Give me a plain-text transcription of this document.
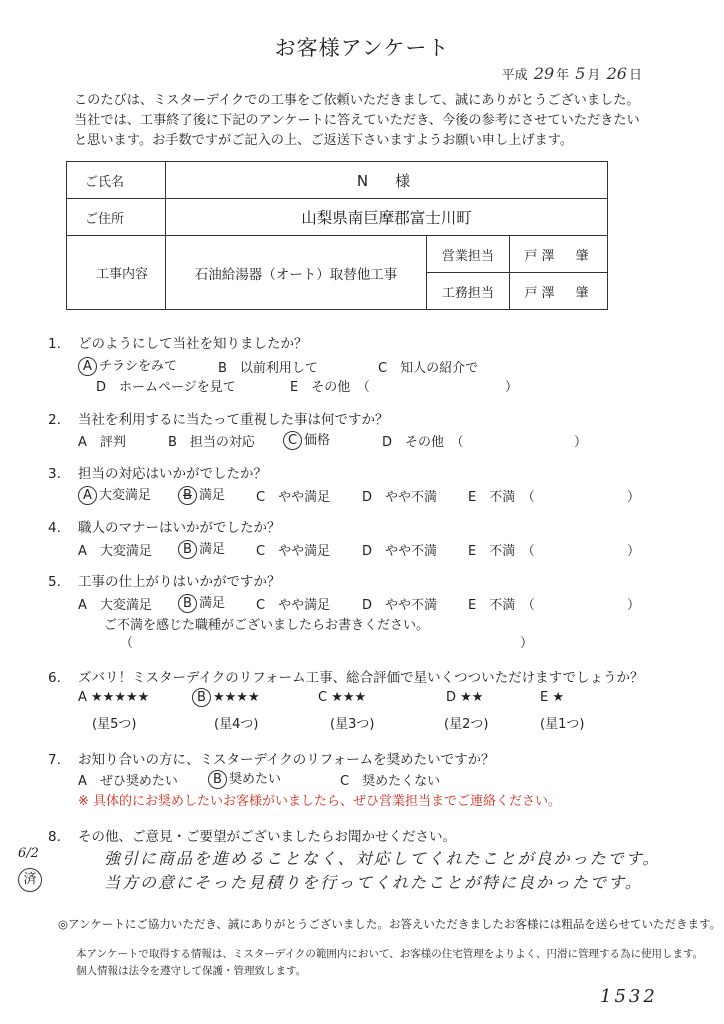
お客様アンケート
平成 29 年 5 月 26 日
このたびは、ミスターデイクでの工事をご依頼いただきまして、誠にありがとうございました。
当社では、工事終了後に下記のアンケートに答えていただき、今後の参考にさせていただきたい
と思います。お手数ですがご記入の上、ご返送下さいますようお願い申し上げます。
ご氏名	N　様		
ご住所	山梨県南巨摩郡富士川町		
工事内容	石油給湯器（オート）取替他工事	営業担当	戸澤　肇
		工務担当	戸澤　肇
1. どのようにして当社を知りましたか？
A チラシをみて	B　以前利用して	C　知人の紹介で
D　ホームページを見て	E　その他　（	）
2. 当社を利用するに当たって重視した事は何ですか？
A　評判	B　担当の対応	C 価格	D　その他　（	）
3. 担当の対応はいかがでしたか？
A 大変満足	B 満足 C　やや満足 D　やや不満 E　不満　（	）
4. 職人のマナーはいかがでしたか？
A　大変満足	B 満足 C　やや満足 D　やや不満 E　不満　（	）
5. 工事の仕上がりはいかがですか？
A　大変満足	B 満足 C　やや満足 D　やや不満 E　不満　（	）
ご不満を感じた職種がございましたらお書きください。
（	）
6. ズバリ！ミスターデイクのリフォーム工事、総合評価で星いくつついただけますでしょうか？
A ★★★★★	B ★★★★	C ★★★	D ★★	E ★
(星5つ)	(星4つ)	(星3つ)	(星2つ)	(星1つ)
7. お知り合いの方に、ミスターデイクのリフォームを奨めたいですか？
A　ぜひ奨めたい	B 奨めたい	C　奨めたくない
※ 具体的にお奨めしたいお客様がいましたら、ぜひ営業担当までご連絡ください。
8. その他、ご意見・ご要望がございましたらお聞かせください。
強引に商品を進めることなく、対応してくれたことが良かったです。
当方の意にそった見積りを行ってくれたことが特に良かったです。
6/2
済
◎アンケートにご協力いただき、誠にありがとうございました。お答えいただきましたお客様には粗品を送らせていただきます。
本アンケートで取得する情報は、ミスターデイクの範囲内において、お客様の住宅管理をよりよく、円滑に管理する為に使用します。
個人情報は法令を遵守して保護・管理致します。
1532
